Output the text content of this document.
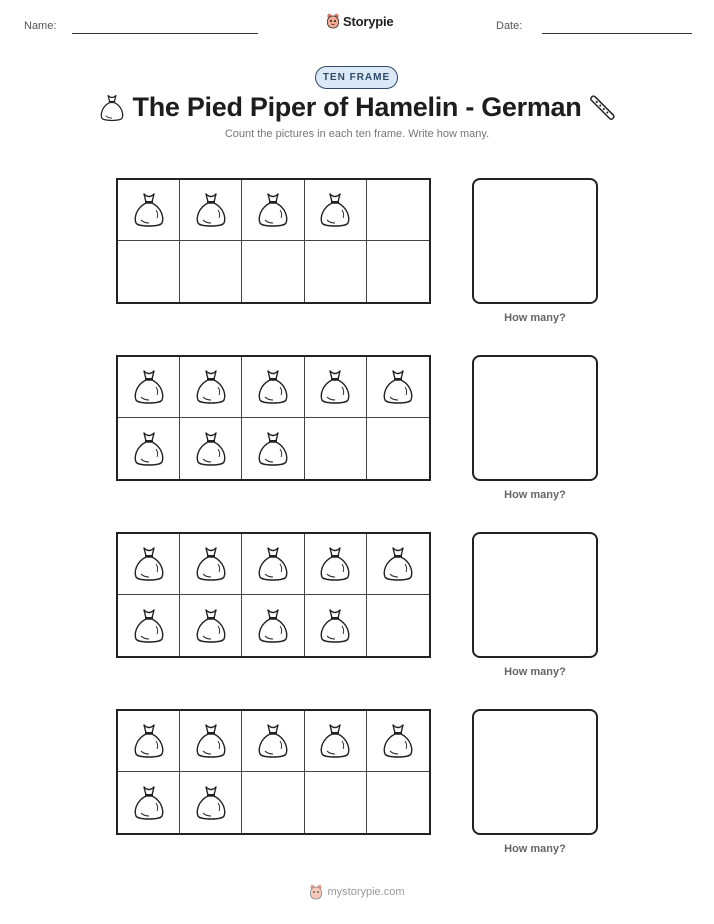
Name:	Storypie	Date:
TEN FRAME
The Pied Piper of Hamelin - German
Count the pictures in each ten frame. Write how many.
How many?
How many?
How many?
How many?
mystorypie.com
